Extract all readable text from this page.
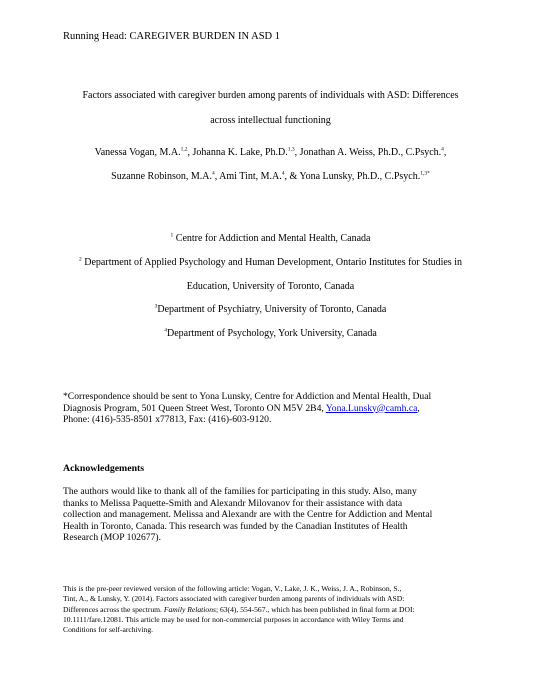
Running Head: CAREGIVER BURDEN IN ASD 1

Factors associated with caregiver burden among parents of individuals with ASD: Differences

across intellectual functioning

Vanessa Vogan, M.A.$^{1,2}$, Johanna K. Lake, Ph.D.$^{1,3}$, Jonathan A. Weiss, Ph.D., C.Psych.$^4$,

Suzanne Robinson, M.A.$^4$, Ami Tint, M.A.$^4$, & Yona Lunsky, Ph.D., C.Psych.$^{1,3*}$

$^1$ Centre for Addiction and Mental Health, Canada

$^2$ Department of Applied Psychology and Human Development, Ontario Institutes for Studies in

Education, University of Toronto, Canada

$^3$Department of Psychiatry, University of Toronto, Canada

$^4$Department of Psychology, York University, Canada

*Correspondence should be sent to Yona Lunsky, Centre for Addiction and Mental Health, Dual
Diagnosis Program, 501 Queen Street West, Toronto ON M5V 2B4, Yona.Lunsky@camh.ca,
Phone: (416)-535-8501 x77813, Fax: (416)-603-9120.

Acknowledgements

The authors would like to thank all of the families for participating in this study. Also, many
thanks to Melissa Paquette-Smith and Alexandr Milovanov for their assistance with data
collection and management. Melissa and Alexandr are with the Centre for Addiction and Mental
Health in Toronto, Canada. This research was funded by the Canadian Institutes of Health
Research (MOP 102677).
This is the pre-peer reviewed version of the following article: Vogan, V., Lake, J. K., Weiss, J. A., Robinson, S.,
Tint, A., & Lunsky, Y. (2014). Factors associated with caregiver burden among parents of individuals with ASD:
Differences across the spectrum. Family Relations; 63(4), 554-567., which has been published in final form at DOI:
10.1111/fare.12081. This article may be used for non-commercial purposes in accordance with Wiley Terms and
Conditions for self-archiving.
